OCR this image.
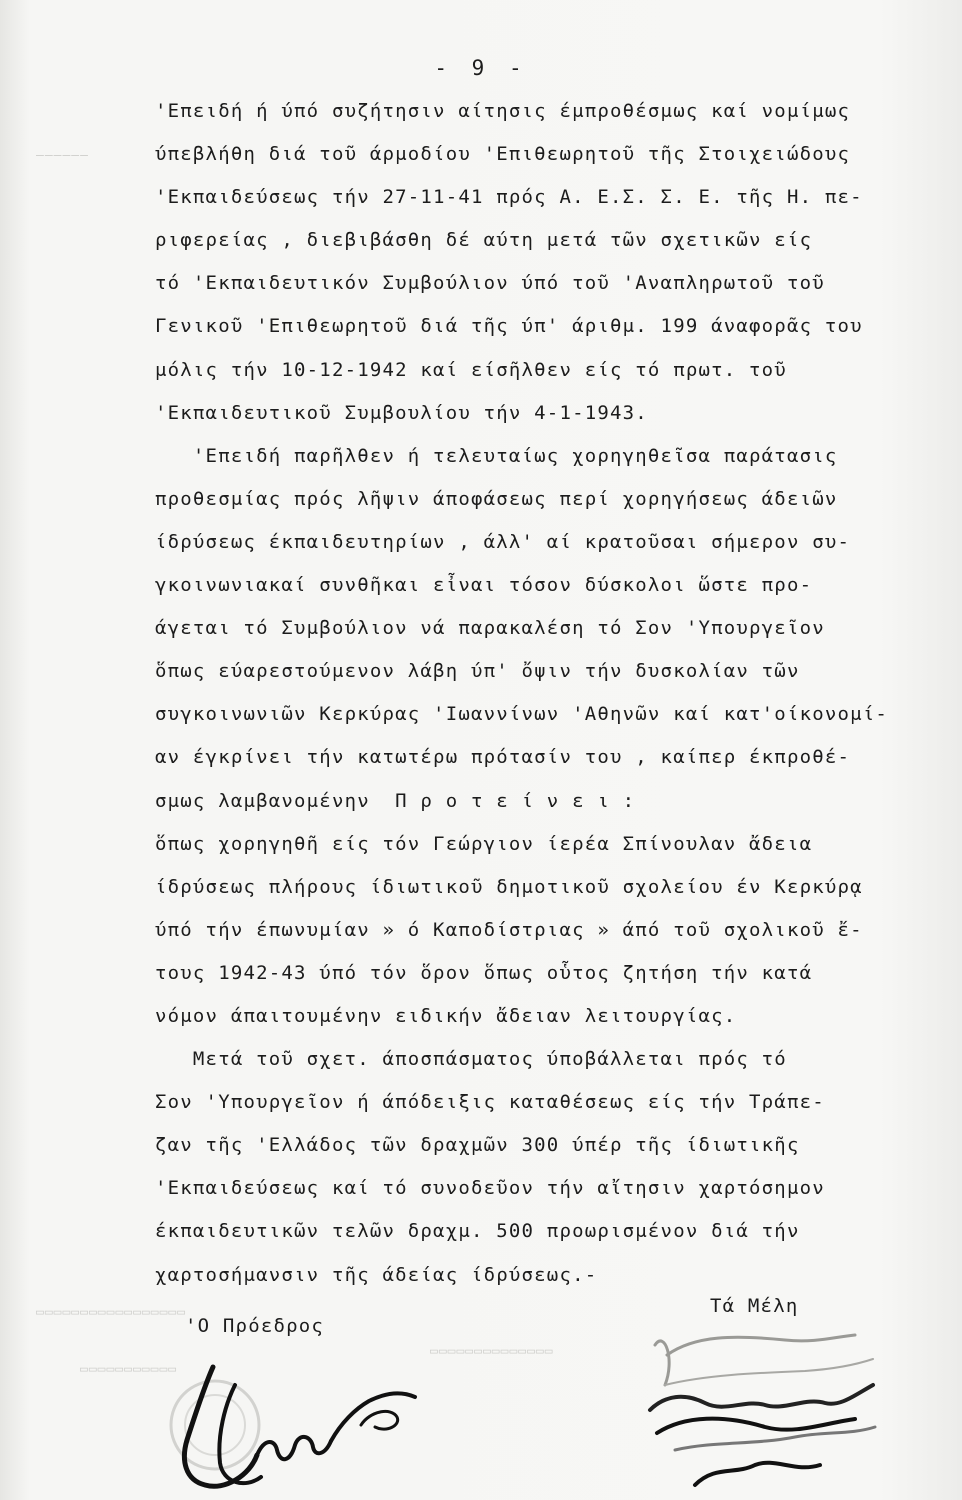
——————
▭▭▭▭▭▭▭▭▭▭▭▭▭▭▭▭▭
▭▭▭▭▭▭▭▭▭▭▭
▭▭▭▭▭▭▭▭▭▭▭▭▭▭
- 9 -
'Επειδή ή ύπό συζήτησιν αίτησις έμπροθέσμως καί νομίμως
ύπεβλήθη διά τοῦ άρμοδίου 'Επιθεωρητοῦ τῆς Στοιχειώδους
'Εκπαιδεύσεως τήν 27-11-41 πρός Α. Ε.Σ. Σ. Ε. τῆς Η. πε-
ριφερείας , διεβιβάσθη δέ αύτη μετά τῶν σχετικῶν είς
τό 'Εκπαιδευτικόν Συμβούλιον ύπό τοῦ 'Αναπληρωτοῦ τοῦ
Γενικοῦ 'Επιθεωρητοῦ διά τῆς ύπ' άριθμ. 199 άναφορᾶς του
μόλις τήν 10-12-1942 καί είσῆλθεν είς τό πρωτ. τοῦ
'Εκπαιδευτικοῦ Συμβουλίου τήν 4-1-1943.
'Επειδή παρῆλθεν ή τελευταίως χορηγηθεῖσα παράτασις
προθεσμίας πρός λῆψιν άποφάσεως περί χορηγήσεως άδειῶν
ίδρύσεως έκπαιδευτηρίων , άλλ' αί κρατοῦσαι σήμερον συ-
γκοινωνιακαί συνθῆκαι εἶναι τόσον δύσκολοι ὥστε προ-
άγεται τό Συμβούλιον νά παρακαλέση τό Σον 'Υπουργεῖον
ὅπως εύαρεστούμενον λάβη ύπ' ὄψιν τήν δυσκολίαν τῶν
συγκοινωνιῶν Κερκύρας 'Ιωαννίνων 'Αθηνῶν καί κατ'οίκονομί-
αν έγκρίνει τήν κατωτέρω πρότασίν του , καίπερ έκπροθέ-
σμως λαμβανομένην  Π ρ ο τ ε ί ν ε ι :
ὅπως χορηγηθῆ είς τόν Γεώργιον ίερέα Σπίνουλαν ἄδεια
ίδρύσεως πλήρους ίδιωτικοῦ δημοτικοῦ σχολείου έν Κερκύρᾳ
ύπό τήν έπωνυμίαν » ό Καποδίστριας » άπό τοῦ σχολικοῦ ἔ-
τους 1942-43 ύπό τόν ὅρον ὅπως οὗτος ζητήση τήν κατά
νόμον άπαιτουμένην ειδικήν ἄδειαν λειτουργίας.
Μετά τοῦ σχετ. άποσπάσματος ύποβάλλεται πρός τό
Σον 'Υπουργεῖον ή άπόδειξις καταθέσεως είς τήν Τράπε-
ζαν τῆς 'Ελλάδος τῶν δραχμῶν 300 ύπέρ τῆς ίδιωτικῆς
'Εκπαιδεύσεως καί τό συνοδεῦον τήν αἴτησιν χαρτόσημον
έκπαιδευτικῶν τελῶν δραχμ. 500 προωρισμένον διά τήν
χαρτοσήμανσιν τῆς άδείας ίδρύσεως.-
Τά Μέλη
'Ο Πρόεδρος
